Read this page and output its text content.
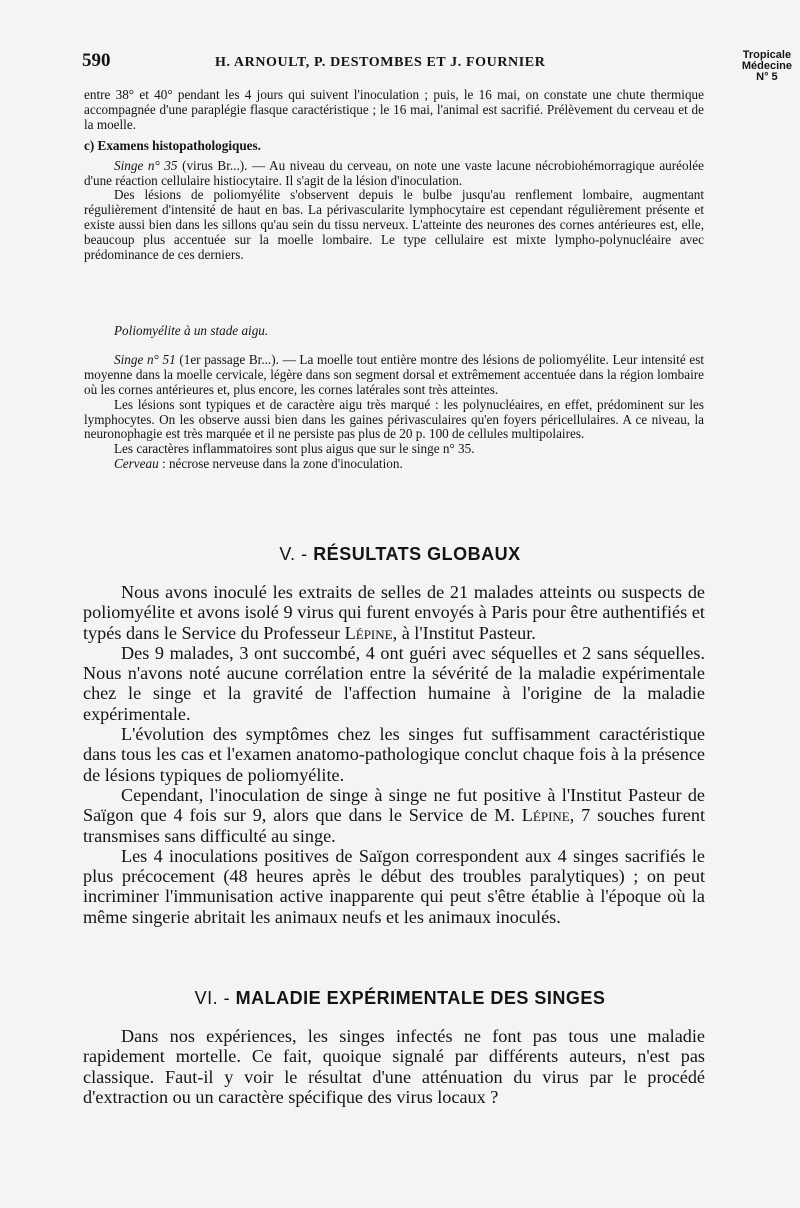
590	H. ARNOULT, P. DESTOMBES ET J. FOURNIER	Tropicale
Médecine
N° 5

entre 38° et 40° pendant les 4 jours qui suivent l'inoculation ; puis, le 16 mai, on constate une chute thermique accompagnée d'une paraplégie flasque caractéristique ; le 16 mai, l'animal est sacrifié. Prélèvement du cerveau et de la moelle.

c) Examens histopathologiques.

Singe n° 35 (virus Br...). — Au niveau du cerveau, on note une vaste lacune nécrobiohémorragique auréolée d'une réaction cellulaire histiocytaire. Il s'agit de la lésion d'inoculation.

Des lésions de poliomyélite s'observent depuis le bulbe jusqu'au renflement lombaire, augmentant régulièrement d'intensité de haut en bas. La périvascularite lymphocytaire est cependant régulièrement présente et existe aussi bien dans les sillons qu'au sein du tissu nerveux. L'atteinte des neurones des cornes antérieures est, elle, beaucoup plus accentuée sur la moelle lombaire. Le type cellulaire est mixte lympho-polynucléaire avec prédominance de ces derniers.

Poliomyélite à un stade aigu.

Singe n° 51 (1er passage Br...). — La moelle tout entière montre des lésions de poliomyélite. Leur intensité est moyenne dans la moelle cervicale, légère dans son segment dorsal et extrêmement accentuée dans la région lombaire où les cornes antérieures et, plus encore, les cornes latérales sont très atteintes.

Les lésions sont typiques et de caractère aigu très marqué : les polynucléaires, en effet, prédominent sur les lymphocytes. On les observe aussi bien dans les gaines périvasculaires qu'en foyers péricellulaires. A ce niveau, la neuronophagie est très marquée et il ne persiste pas plus de 20 p. 100 de cellules multipolaires.

Les caractères inflammatoires sont plus aigus que sur le singe n° 35.

Cerveau : nécrose nerveuse dans la zone d'inoculation.

V. - RÉSULTATS GLOBAUX

Nous avons inoculé les extraits de selles de 21 malades atteints ou suspects de poliomyélite et avons isolé 9 virus qui furent envoyés à Paris pour être authentifiés et typés dans le Service du Professeur Lépine, à l'Institut Pasteur.

Des 9 malades, 3 ont succombé, 4 ont guéri avec séquelles et 2 sans séquelles. Nous n'avons noté aucune corrélation entre la sévérité de la maladie expérimentale chez le singe et la gravité de l'affection humaine à l'origine de la maladie expérimentale.

L'évolution des symptômes chez les singes fut suffisamment caractéristique dans tous les cas et l'examen anatomo-pathologique conclut chaque fois à la présence de lésions typiques de poliomyélite.

Cependant, l'inoculation de singe à singe ne fut positive à l'Institut Pasteur de Saïgon que 4 fois sur 9, alors que dans le Service de M. Lépine, 7 souches furent transmises sans difficulté au singe.

Les 4 inoculations positives de Saïgon correspondent aux 4 singes sacrifiés le plus précocement (48 heures après le début des troubles paralytiques) ; on peut incriminer l'immunisation active inapparente qui peut s'être établie à l'époque où la même singerie abritait les animaux neufs et les animaux inoculés.

VI. - MALADIE EXPÉRIMENTALE DES SINGES

Dans nos expériences, les singes infectés ne font pas tous une maladie rapidement mortelle. Ce fait, quoique signalé par différents auteurs, n'est pas classique. Faut-il y voir le résultat d'une atténuation du virus par le procédé d'extraction ou un caractère spécifique des virus locaux ?
